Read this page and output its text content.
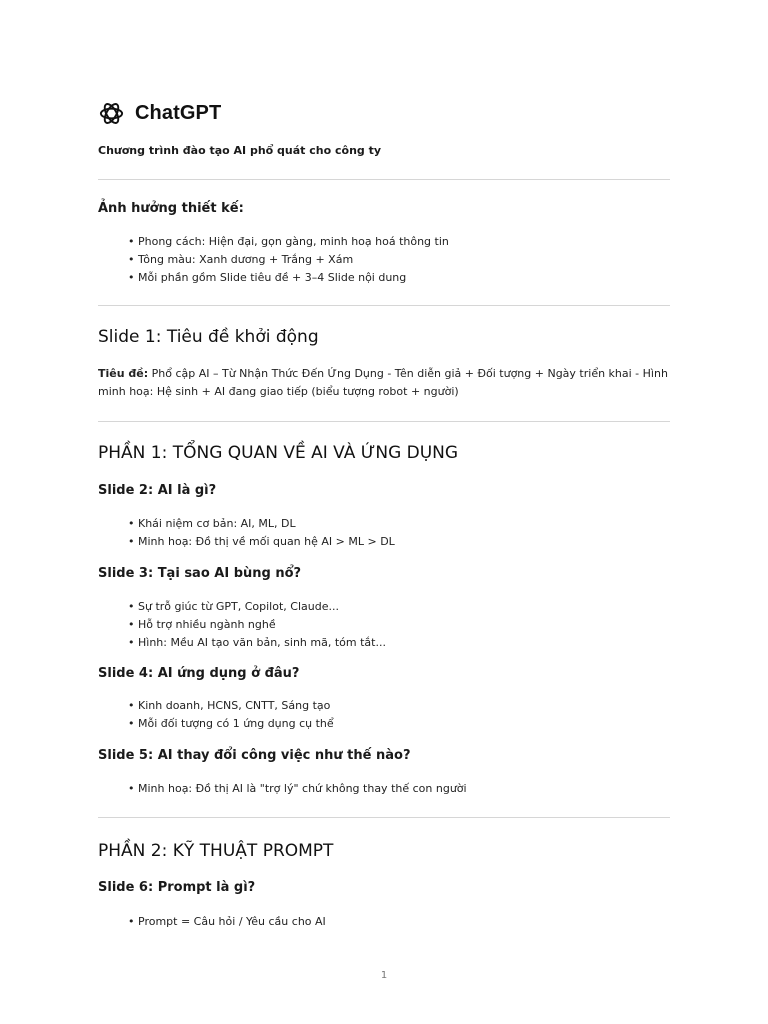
ChatGPT
Chương trình đào tạo AI phổ quát cho công ty
Ảnh hưởng thiết kế:
• Phong cách: Hiện đại, gọn gàng, minh hoạ hoá thông tin
• Tông màu: Xanh dương + Trắng + Xám
• Mỗi phần gồm Slide tiêu đề + 3–4 Slide nội dung
Slide 1: Tiêu đề khởi động

Tiêu đề: Phổ cập AI – Từ Nhận Thức Đến Ứng Dụng - Tên diễn giả + Đối tượng + Ngày triển khai - Hình minh hoạ: Hệ sinh + AI đang giao tiếp (biểu tượng robot + người)

PHẦN 1: TỔNG QUAN VỀ AI VÀ ỨNG DỤNG
Slide 2: AI là gì?
• Khái niệm cơ bản: AI, ML, DL
• Minh hoạ: Đồ thị về mối quan hệ AI > ML > DL
Slide 3: Tại sao AI bùng nổ?
• Sự trỗ giúc từ GPT, Copilot, Claude...
• Hỗ trợ nhiều ngành nghề
• Hình: Mều AI tạo văn bản, sinh mã, tóm tắt...
Slide 4: AI ứng dụng ở đâu?
• Kinh doanh, HCNS, CNTT, Sáng tạo
• Mỗi đối tượng có 1 ứng dụng cụ thể
Slide 5: AI thay đổi công việc như thế nào?
• Minh hoạ: Đồ thị AI là "trợ lý" chứ không thay thế con người
PHẦN 2: KỸ THUẬT PROMPT
Slide 6: Prompt là gì?
• Prompt = Câu hỏi / Yêu cầu cho AI
1
